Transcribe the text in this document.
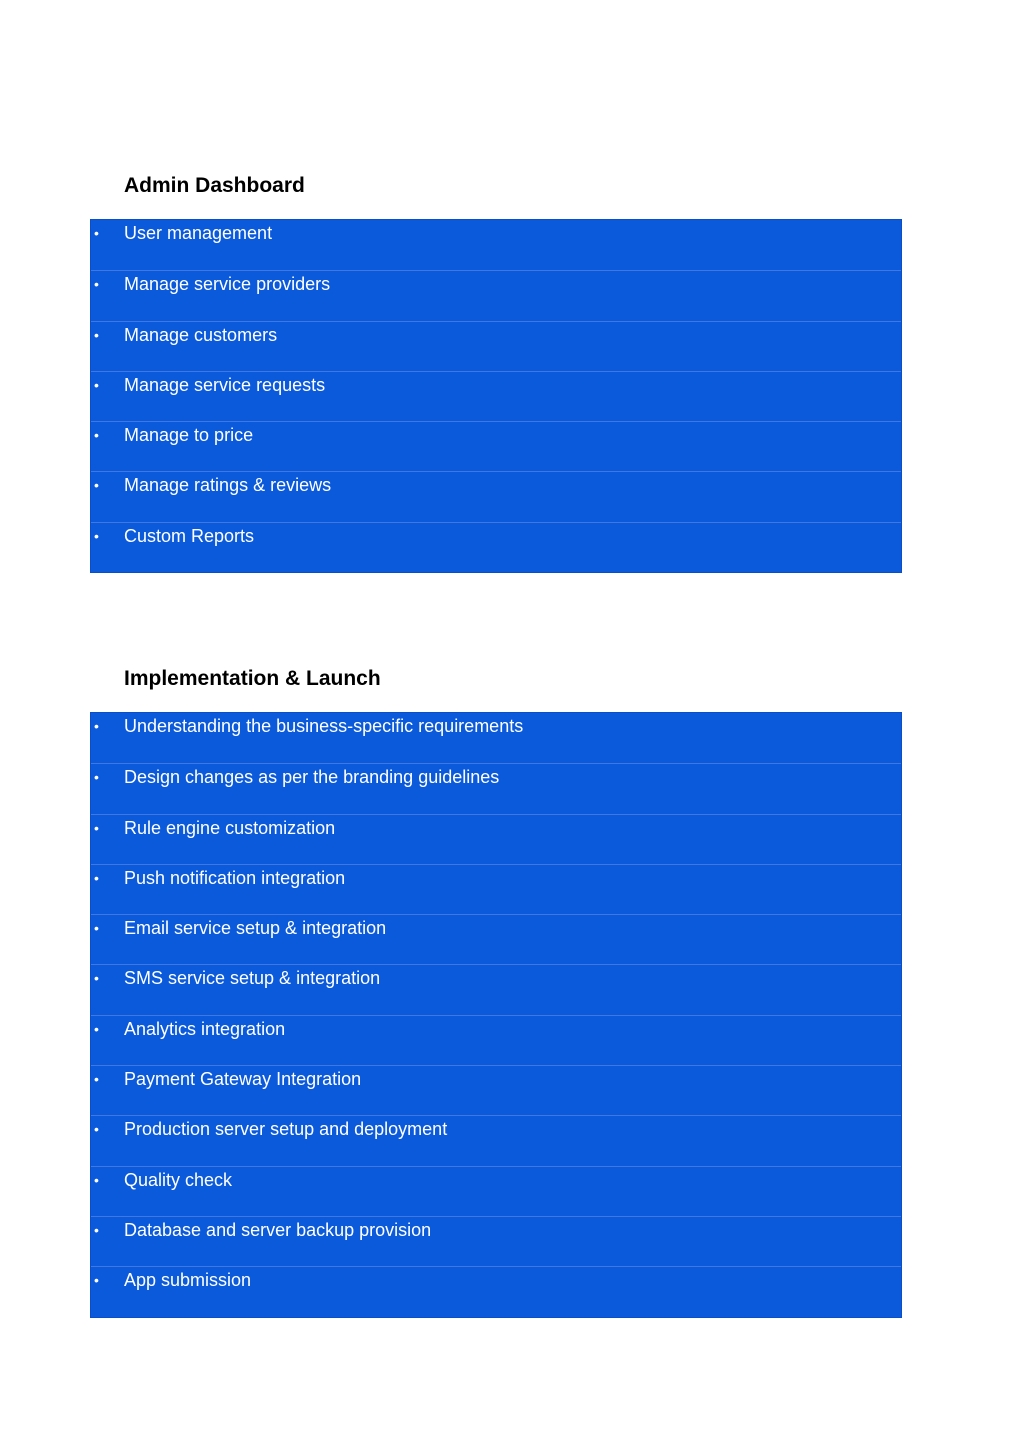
Admin Dashboard
• User management
• Manage service providers
• Manage customers
• Manage service requests
• Manage to price
• Manage ratings & reviews
• Custom Reports
Implementation & Launch
• Understanding the business-specific requirements
• Design changes as per the branding guidelines
• Rule engine customization
• Push notification integration
• Email service setup & integration
• SMS service setup & integration
• Analytics integration
• Payment Gateway Integration
• Production server setup and deployment
• Quality check
• Database and server backup provision
• App submission
